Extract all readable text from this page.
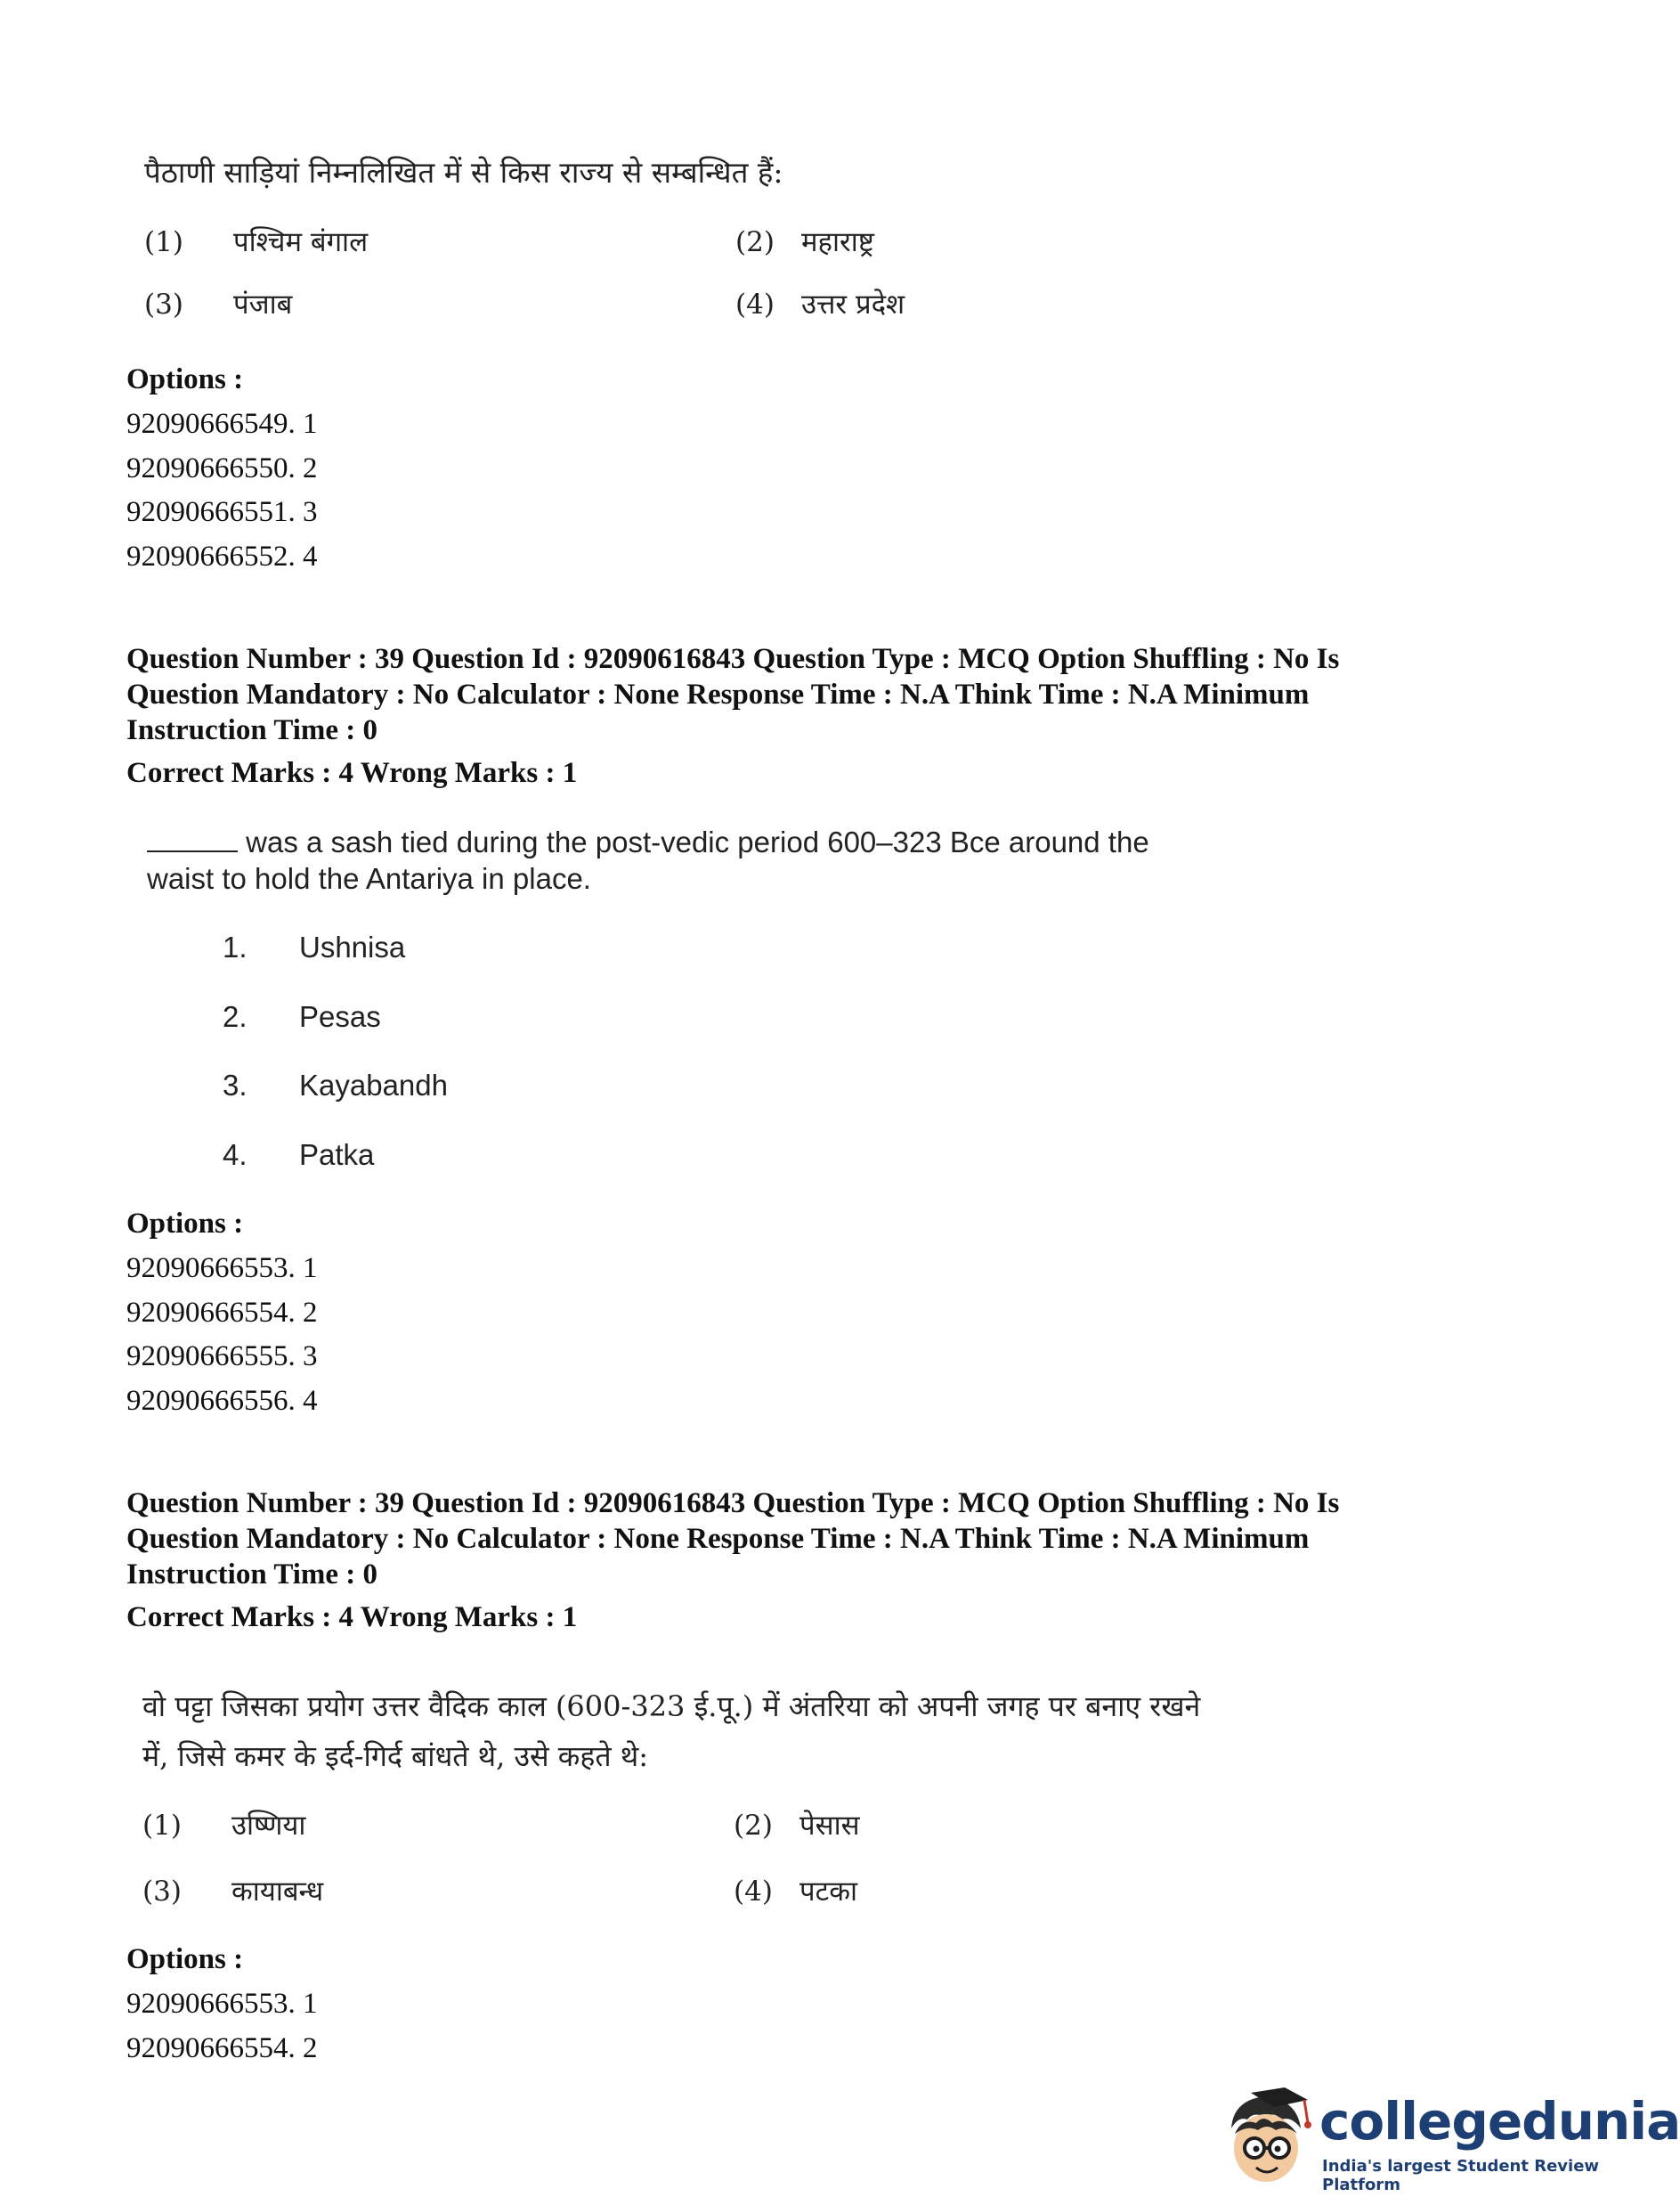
पैठाणी साड़ियां निम्नलिखित में से किस राज्य से सम्बन्धित हैं:
(1) पश्चिम बंगाल	(2) महाराष्ट्र
(3) पंजाब	(4) उत्तर प्रदेश
Options :
92090666549. 1
92090666550. 2
92090666551. 3
92090666552. 4
Question Number : 39 Question Id : 92090616843 Question Type : MCQ Option Shuffling : No Is
Question Mandatory : No Calculator : None Response Time : N.A Think Time : N.A Minimum
Instruction Time : 0
Correct Marks : 4 Wrong Marks : 1
was a sash tied during the post-vedic period 600–323 Bce around the
waist to hold the Antariya in place.
1. Ushnisa
2. Pesas
3. Kayabandh
4. Patka
Options :
92090666553. 1
92090666554. 2
92090666555. 3
92090666556. 4
Question Number : 39 Question Id : 92090616843 Question Type : MCQ Option Shuffling : No Is
Question Mandatory : No Calculator : None Response Time : N.A Think Time : N.A Minimum
Instruction Time : 0
Correct Marks : 4 Wrong Marks : 1
वो पट्टा जिसका प्रयोग उत्तर वैदिक काल (600-323 ई.पू.) में अंतरिया को अपनी जगह पर बनाए रखने
में, जिसे कमर के इर्द-गिर्द बांधते थे, उसे कहते थे:
(1) उष्णिया	(2) पेसास
(3) कायाबन्ध	(4) पटका
Options :
92090666553. 1
92090666554. 2
collegedunia
India's largest Student Review Platform
